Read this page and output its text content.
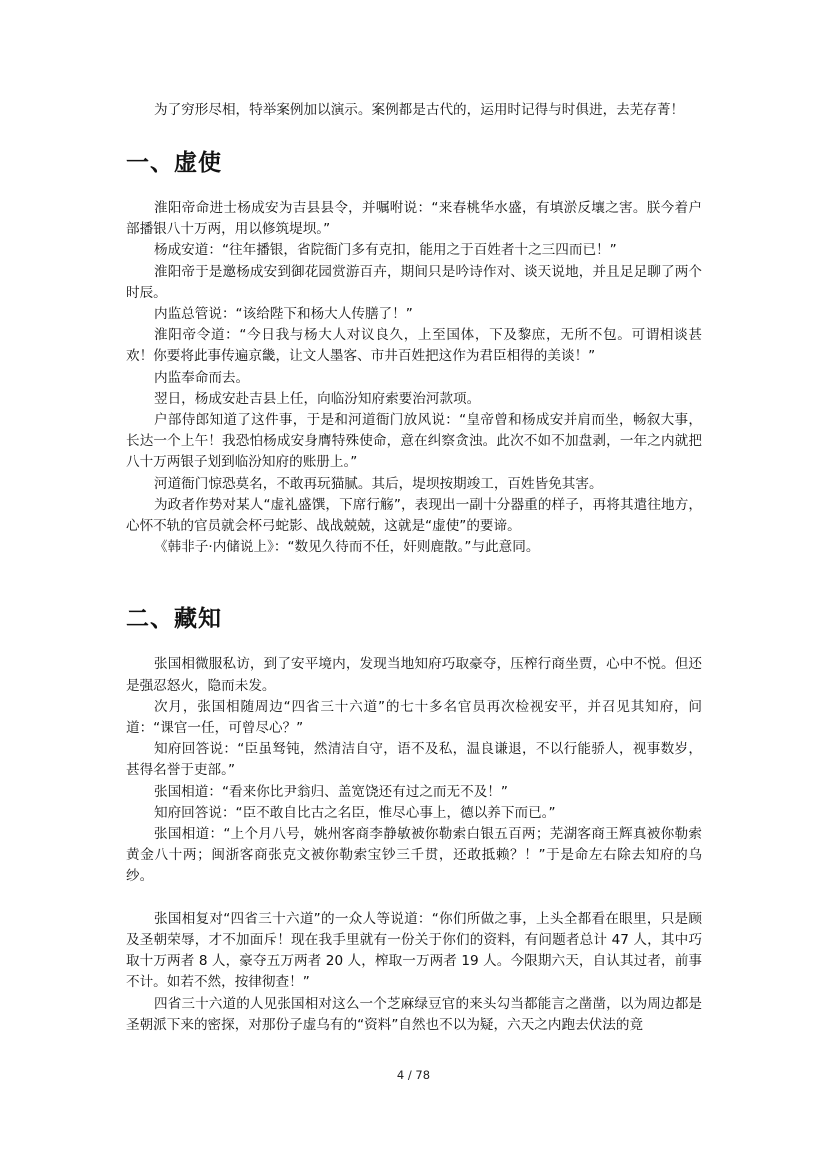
为了穷形尽相，特举案例加以演示。案例都是古代的，运用时记得与时俱进，去芜存菁！

一、虚使

淮阳帝命进士杨成安为吉县县令，并嘱咐说：“来春桃华水盛，有填淤反壤之害。朕今着户部播银八十万两，用以修筑堤坝。”

杨成安道：“往年播银，省院衙门多有克扣，能用之于百姓者十之三四而已！”

淮阳帝于是邀杨成安到御花园赏游百卉，期间只是吟诗作对、谈天说地，并且足足聊了两个时辰。

内监总管说：“该给陛下和杨大人传膳了！”

淮阳帝令道：“今日我与杨大人对议良久，上至国体，下及黎庶，无所不包。可谓相谈甚欢！你要将此事传遍京畿，让文人墨客、市井百姓把这作为君臣相得的美谈！”

内监奉命而去。

翌日，杨成安赴吉县上任，向临汾知府索要治河款项。

户部侍郎知道了这件事，于是和河道衙门放风说：“皇帝曾和杨成安并肩而坐，畅叙大事，长达一个上午！我恐怕杨成安身膺特殊使命，意在纠察贪浊。此次不如不加盘剥，一年之内就把八十万两银子划到临汾知府的账册上。”

河道衙门惊恐莫名，不敢再玩猫腻。其后，堤坝按期竣工，百姓皆免其害。

为政者作势对某人“虚礼盛馔，下席行觞”，表现出一副十分器重的样子，再将其遣往地方，心怀不轨的官员就会杯弓蛇影、战战兢兢，这就是“虚使”的要谛。

《韩非子·内储说上》：“数见久待而不任，奸则鹿散。”与此意同。

二、藏知

张国相微服私访，到了安平境内，发现当地知府巧取豪夺，压榨行商坐贾，心中不悦。但还是强忍怒火，隐而未发。

次月，张国相随周边“四省三十六道”的七十多名官员再次检视安平，并召见其知府，问道：“课官一任，可曾尽心？”

知府回答说：“臣虽驽钝，然清洁自守，语不及私，温良谦退，不以行能骄人，视事数岁，甚得名誉于吏部。”

张国相道：“看来你比尹翁归、盖宽饶还有过之而无不及！”

知府回答说：“臣不敢自比古之名臣，惟尽心事上，德以养下而已。”

张国相道：“上个月八号，姚州客商李静敏被你勒索白银五百两；芜湖客商王辉真被你勒索黄金八十两；闽浙客商张克文被你勒索宝钞三千贯，还敢抵赖？！”于是命左右除去知府的乌纱。

张国相复对“四省三十六道”的一众人等说道：“你们所做之事，上头全都看在眼里，只是顾及圣朝荣辱，才不加面斥！现在我手里就有一份关于你们的资料，有问题者总计 47 人，其中巧取十万两者 8 人，豪夺五万两者 20 人，榨取一万两者 19 人。今限期六天，自认其过者，前事不计。如若不然，按律彻查！”

四省三十六道的人见张国相对这么一个芝麻绿豆官的来头勾当都能言之凿凿，以为周边都是圣朝派下来的密探，对那份子虚乌有的“资料”自然也不以为疑，六天之内跑去伏法的竟

4 / 78
